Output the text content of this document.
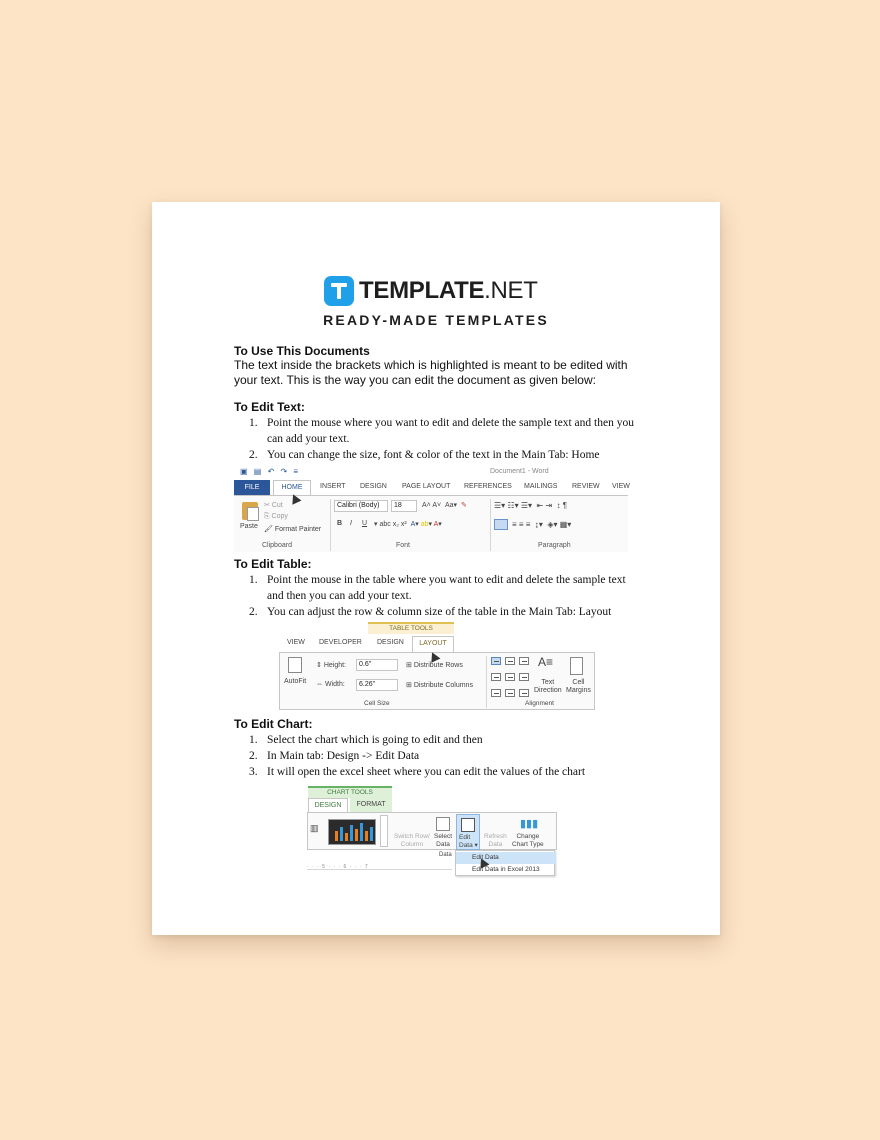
TEMPLATE.NET
READY-MADE TEMPLATES
To Use This Documents
The text inside the brackets which is highlighted is meant to be edited with your text. This is the way you can edit the document as given below:
To Edit Text:
1. Point the mouse where you want to edit and delete the sample text and then you can add your text.
2. You can change the size, font & color of the text in the Main Tab: Home
▣ ▤ ↶ ↷ ≡	Document1 - Word
FILE	HOME	INSERT DESIGN PAGE LAYOUT REFERENCES MAILINGS REVIEW VIEW
Paste
✂ Cut
⎘ Copy
🖌 Format Painter
Clipboard
Calibri (Body)	18	A˄ A˅  Aa▾  ✎
B I U ▾ abc x₂ x²  A▾ ab▾ A▾
Font
☰▾ ☷▾ ☰▾  ⇤ ⇥  ↕ ¶
≡ ≡ ≡  ↨▾  ◈▾ ▦▾
Paragraph
To Edit Table:
1. Point the mouse in the table where you want to edit and delete the sample text and then you can add your text.
2. You can adjust the row & column size of the table in the Main Tab: Layout
TABLE TOOLS
VIEW DEVELOPER DESIGN	LAYOUT
AutoFit
⇕ Height:	0.6"
⇔ Width:	6.26"
⊞ Distribute Rows
⊞ Distribute Columns
Cell Size
A≡
Text
Direction
Cell
Margins
Alignment
To Edit Chart:
1. Select the chart which is going to edit and then
2. In Main tab: Design -> Edit Data
3. It will open the excel sheet where you can edit the values of the chart
CHART TOOLS
DESIGN	FORMAT
▥
Switch Row/
Column
Select
Data
Edit
Data ▾
Refresh
Data
▮▮▮
Change
Chart Type
Data
· · · 5 · · · 6 · · · 7
Edit Data
Edit Data in Excel 2013
